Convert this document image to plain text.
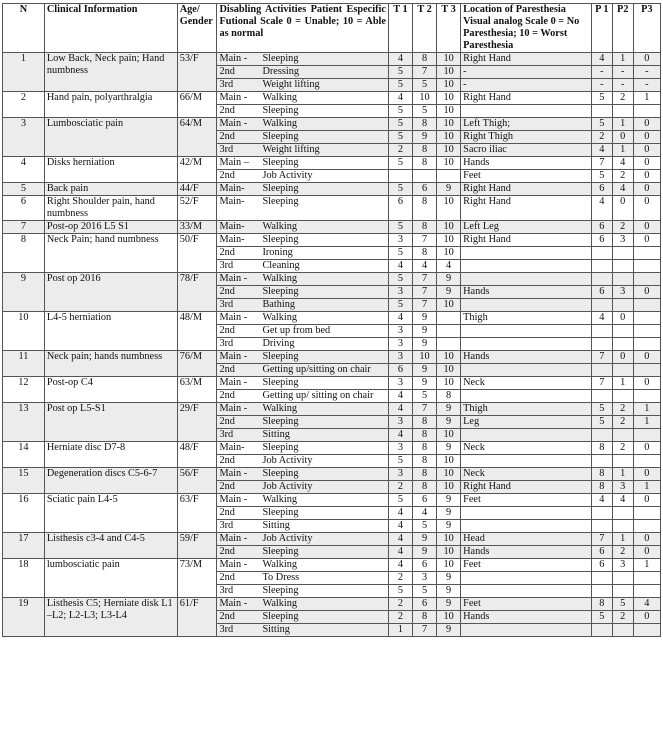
N	Clinical Information	Age/ Gender	Disabling Activities Patient Especific Futional Scale 0 = Unable; 10 = Able as normal	T 1	T 2	T 3	Location of Paresthesia Visual analog Scale 0 = No Paresthesia; 10 = Worst Paresthesia	P 1	P2	P3
1	Low Back, Neck pain; Hand numbness	53/F	Main - Sleeping	4	8	10	Right Hand	4	1	0

			2nd Dressing	5	7	10	-	-	-	-

			3rd Weight lifting	5	5	10	-	-	-	-
2	Hand pain, polyarthralgia	66/M	Main - Walking	4	10	10	Right Hand	5	2	1

			2nd Sleeping	5	5	10				
3	Lumbosciatic pain	64/M	Main - Walking	5	8	10	Left Thigh;	5	1	0

			2nd Sleeping	5	9	10	Right Thigh	2	0	0

			3rd Weight lifting	2	8	10	Sacro iliac	4	1	0
4	Disks herniation	42/M	Main – Sleeping	5	8	10	Hands	7	4	0

			2nd Job Activity				Feet	5	2	0
5	Back pain	44/F	Main- Sleeping	5	6	9	Right Hand	6	4	0
6	Right Shoulder pain, hand numbness	52/F	Main- Sleeping	6	8	10	Right Hand	4	0	0
7	Post-op 2016 L5 S1	33/M	Main- Walking	5	8	10	Left Leg	6	2	0
8	Neck Pain; hand numbness	50/F	Main- Sleeping	3	7	10	Right Hand	6	3	0

			2nd Ironing	5	8	10				

			3rd Cleaning	4	4	4				
9	Post op 2016	78/F	Main - Walking	5	7	9				

			2nd Sleeping	3	7	9	Hands	6	3	0

			3rd Bathing	5	7	10				
10	L4-5 herniation	48/M	Main - Walking	4	9		Thigh	4	0	

			2nd Get up from bed	3	9					

			3rd Driving	3	9					
11	Neck pain; hands numbness	76/M	Main - Sleeping	3	10	10	Hands	7	0	0

			2nd Getting up/sitting on chair	6	9	10				
12	Post-op C4	63/M	Main - Sleeping	3	9	10	Neck	7	1	0

			2nd Getting up/ sitting on chair	4	5	8				
13	Post op L5-S1	29/F	Main - Walking	4	7	9	Thigh	5	2	1

			2nd Sleeping	3	8	9	Leg	5	2	1

			3rd Sitting	4	8	10				
14	Herniate disc D7-8	48/F	Main- Sleeping	3	8	9	Neck	8	2	0

			2nd Job Activity	5	8	10				
15	Degeneration discs C5-6-7	56/F	Main - Sleeping	3	8	10	Neck	8	1	0

			2nd Job Activity	2	8	10	Right Hand	8	3	1
16	Sciatic pain L4-5	63/F	Main - Walking	5	6	9	Feet	4	4	0

			2nd Sleeping	4	4	9				

			3rd Sitting	4	5	9				
17	Listhesis c3-4 and C4-5	59/F	Main - Job Activity	4	9	10	Head	7	1	0

			2nd Sleeping	4	9	10	Hands	6	2	0
18	lumbosciatic pain	73/M	Main - Walking	4	6	10	Feet	6	3	1

			2nd To Dress	2	3	9				

			3rd Sleeping	5	5	9				
19	Listhesis C5; Herniate disk L1 –L2; L2-L3; L3-L4	61/F	Main - Walking	2	6	9	Feet	8	5	4

			2nd Sleeping	2	8	10	Hands	5	2	0

			3rd Sitting	1	7	9				
